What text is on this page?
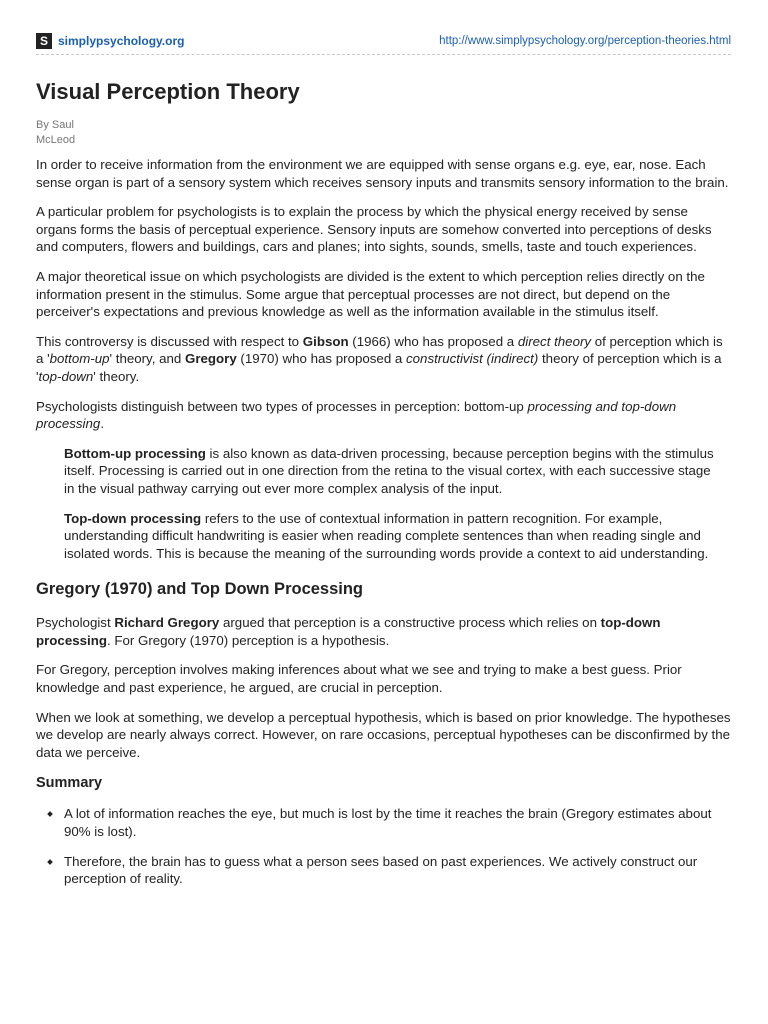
S simplypsychology.org	http://www.simplypsychology.org/perception-theories.html
Visual Perception Theory
By Saul
McLeod

In order to receive information from the environment we are equipped with sense organs e.g. eye, ear, nose. Each sense organ is part of a sensory system which receives sensory inputs and transmits sensory information to the brain.

A particular problem for psychologists is to explain the process by which the physical energy received by sense organs forms the basis of perceptual experience. Sensory inputs are somehow converted into perceptions of desks and computers, flowers and buildings, cars and planes; into sights, sounds, smells, taste and touch experiences.

A major theoretical issue on which psychologists are divided is the extent to which perception relies directly on the information present in the stimulus. Some argue that perceptual processes are not direct, but depend on the perceiver's expectations and previous knowledge as well as the information available in the stimulus itself.

This controversy is discussed with respect to Gibson (1966) who has proposed a direct theory of perception which is a 'bottom-up' theory, and Gregory (1970) who has proposed a constructivist (indirect) theory of perception which is a 'top-down' theory.

Psychologists distinguish between two types of processes in perception: bottom-up processing and top-down processing.

Bottom-up processing is also known as data-driven processing, because perception begins with the stimulus itself. Processing is carried out in one direction from the retina to the visual cortex, with each successive stage in the visual pathway carrying out ever more complex analysis of the input.

Top-down processing refers to the use of contextual information in pattern recognition. For example, understanding difficult handwriting is easier when reading complete sentences than when reading single and isolated words. This is because the meaning of the surrounding words provide a context to aid understanding.

Gregory (1970) and Top Down Processing

Psychologist Richard Gregory argued that perception is a constructive process which relies on top-down processing. For Gregory (1970) perception is a hypothesis.

For Gregory, perception involves making inferences about what we see and trying to make a best guess. Prior knowledge and past experience, he argued, are crucial in perception.

When we look at something, we develop a perceptual hypothesis, which is based on prior knowledge. The hypotheses we develop are nearly always correct. However, on rare occasions, perceptual hypotheses can be disconfirmed by the data we perceive.

Summary
A lot of information reaches the eye, but much is lost by the time it reaches the brain (Gregory estimates about 90% is lost).
Therefore, the brain has to guess what a person sees based on past experiences. We actively construct our perception of reality.
